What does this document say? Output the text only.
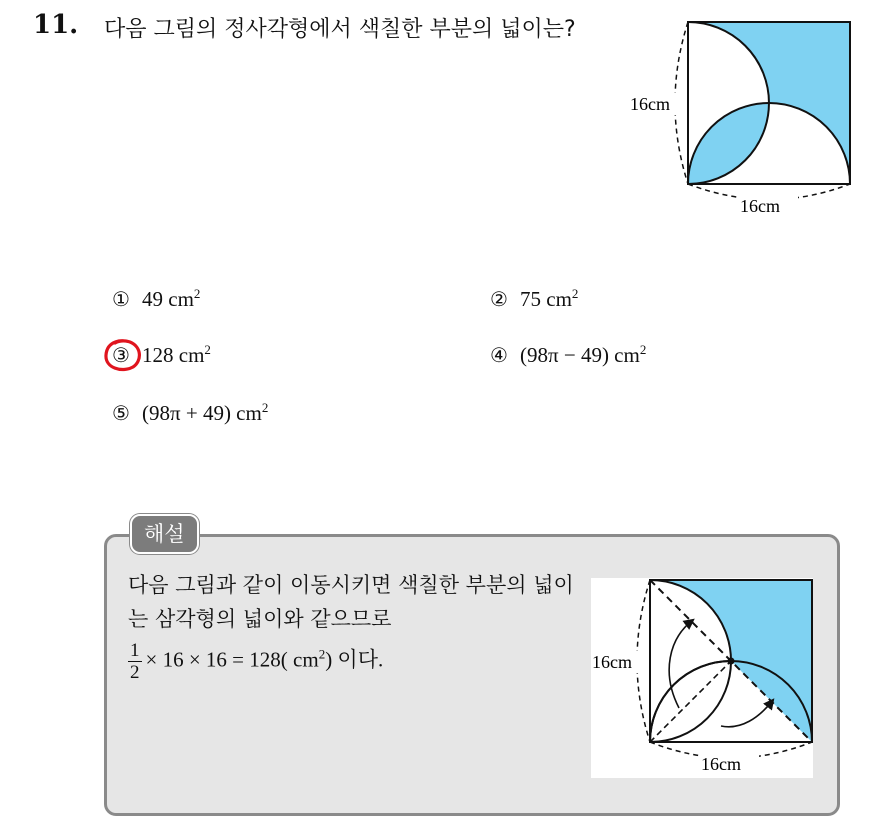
11. 다음 그림의 정사각형에서 색칠한 부분의 넓이는?
16cm
16cm
① 49 $cm^2$	② 75 $cm^2$
③ 128 $cm^2$	④ (98π − 49) $cm^2$
⑤ (98π + 49) $cm^2$
해설
다음 그림과 같이 이동시키면 색칠한 부분의 넓이는 삼각형의 넓이와 같으므로
$\frac{1}{2} \times 16 \times 16 = 128$( $cm^2$) 이다.	16cm
16cm
